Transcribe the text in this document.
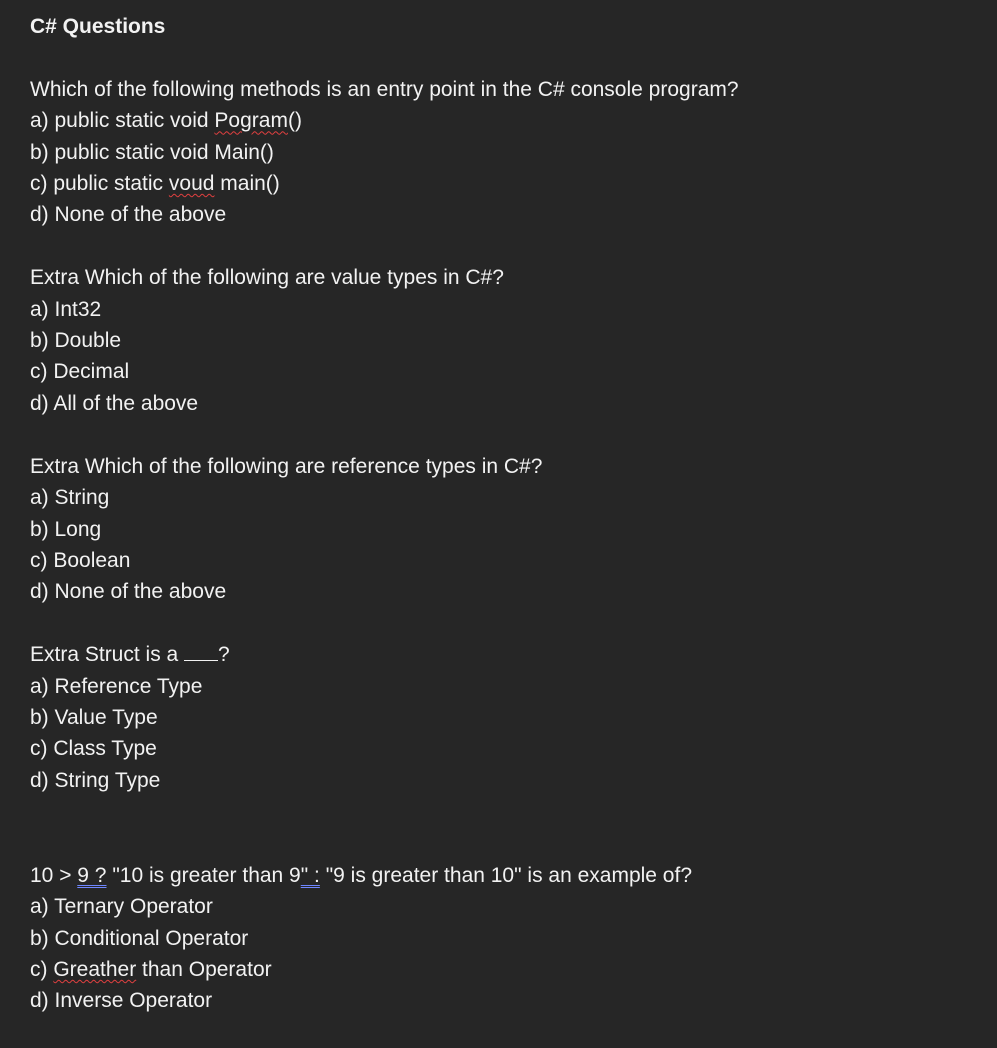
C# Questions
Which of the following methods is an entry point in the C# console program?
a) public static void Pogram()
b) public static void Main()
c) public static voud main()
d) None of the above
Extra Which of the following are value types in C#?
a) Int32
b) Double
c) Decimal
d) All of the above
Extra Which of the following are reference types in C#?
a) String
b) Long
c) Boolean
d) None of the above
Extra Struct is a ?
a) Reference Type
b) Value Type
c) Class Type
d) String Type
10 > 9 ? "10 is greater than 9" : "9 is greater than 10" is an example of?
a) Ternary Operator
b) Conditional Operator
c) Greather than Operator
d) Inverse Operator
